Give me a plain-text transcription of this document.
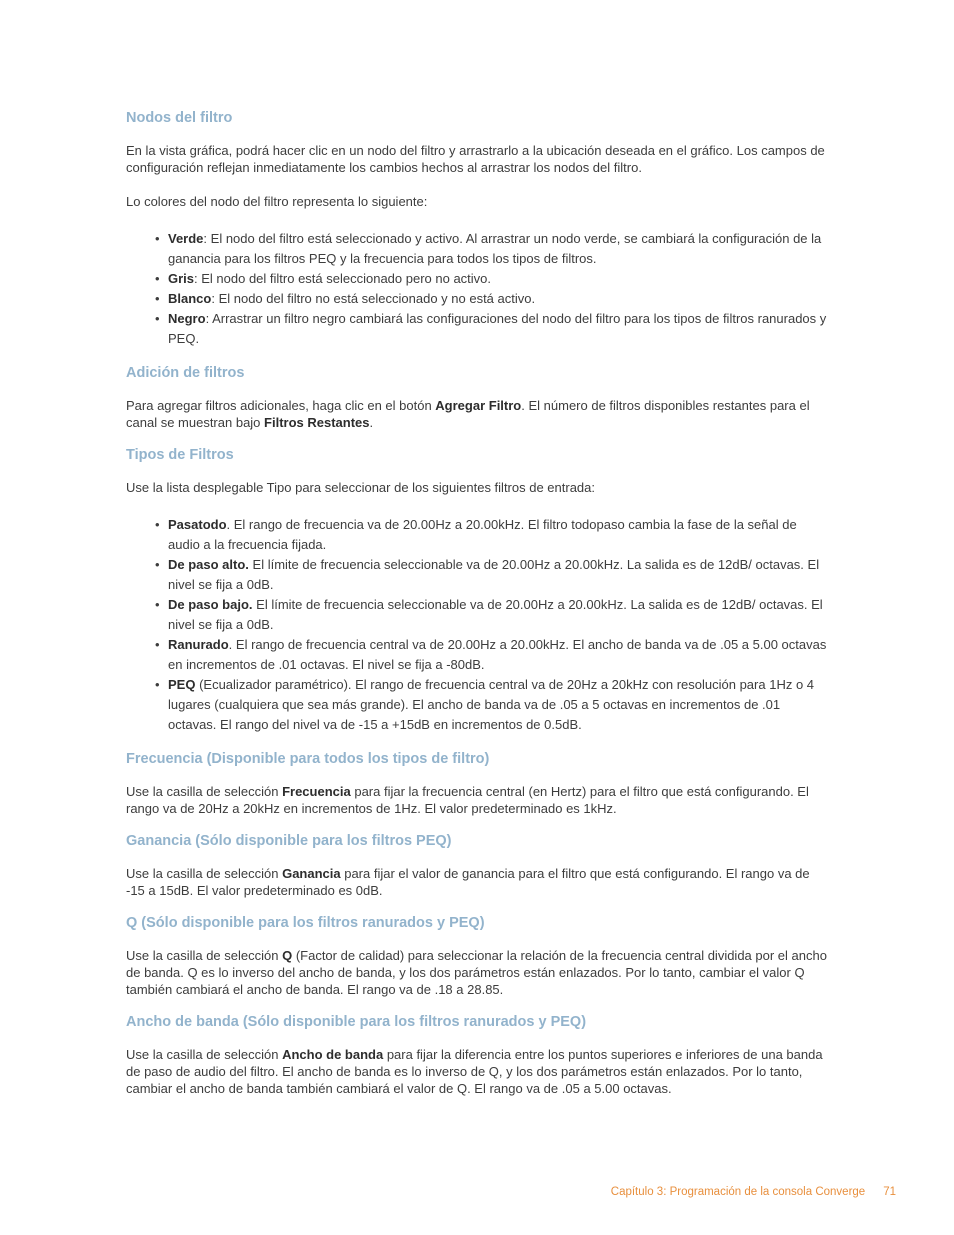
Nodos del filtro

En la vista gráfica, podrá hacer clic en un nodo del filtro y arrastrarlo a la ubicación deseada en el gráfico. Los campos de configuración reflejan inmediatamente los cambios hechos al arrastrar los nodos del filtro.

Lo colores del nodo del filtro representa lo siguiente:

• Verde: El nodo del filtro está seleccionado y activo. Al arrastrar un nodo verde, se cambiará la configuración de la ganancia para los filtros PEQ y la frecuencia para todos los tipos de filtros.
• Gris: El nodo del filtro está seleccionado pero no activo.
• Blanco: El nodo del filtro no está seleccionado y no está activo.
• Negro: Arrastrar un filtro negro cambiará las configuraciones del nodo del filtro para los tipos de filtros ranurados y PEQ.
Adición de filtros

Para agregar filtros adicionales, haga clic en el botón Agregar Filtro. El número de filtros disponibles restantes para el canal se muestran bajo Filtros Restantes.

Tipos de Filtros

Use la lista desplegable Tipo para seleccionar de los siguientes filtros de entrada:

• Pasatodo. El rango de frecuencia va de 20.00Hz a 20.00kHz. El filtro todopaso cambia la fase de la señal de audio a la frecuencia fijada.
• De paso alto. El límite de frecuencia seleccionable va de 20.00Hz a 20.00kHz. La salida es de 12dB/ octavas. El nivel se fija a 0dB.
• De paso bajo. El límite de frecuencia seleccionable va de 20.00Hz a 20.00kHz. La salida es de 12dB/ octavas. El nivel se fija a 0dB.
• Ranurado. El rango de frecuencia central va de 20.00Hz a 20.00kHz. El ancho de banda va de .05 a 5.00 octavas en incrementos de .01 octavas. El nivel se fija a -80dB.
• PEQ (Ecualizador paramétrico). El rango de frecuencia central va de 20Hz a 20kHz con resolución para 1Hz o 4 lugares (cualquiera que sea más grande). El ancho de banda va de .05 a 5 octavas en incrementos de .01 octavas. El rango del nivel va de -15 a +15dB en incrementos de 0.5dB.
Frecuencia (Disponible para todos los tipos de filtro)

Use la casilla de selección Frecuencia para fijar la frecuencia central (en Hertz) para el filtro que está configurando. El rango va de 20Hz a 20kHz en incrementos de 1Hz. El valor predeterminado es 1kHz.

Ganancia (Sólo disponible para los filtros PEQ)

Use la casilla de selección Ganancia para fijar el valor de ganancia para el filtro que está configurando. El rango va de -15 a 15dB. El valor predeterminado es 0dB.

Q (Sólo disponible para los filtros ranurados y PEQ)

Use la casilla de selección Q (Factor de calidad) para seleccionar la relación de la frecuencia central dividida por el ancho de banda. Q es lo inverso del ancho de banda, y los dos parámetros están enlazados. Por lo tanto, cambiar el valor Q también cambiará el ancho de banda. El rango va de .18 a 28.85.

Ancho de banda (Sólo disponible para los filtros ranurados y PEQ)

Use la casilla de selección Ancho de banda para fijar la diferencia entre los puntos superiores e inferiores de una banda de paso de audio del filtro. El ancho de banda es lo inverso de Q, y los dos parámetros están enlazados. Por lo tanto, cambiar el ancho de banda también cambiará el valor de Q. El rango va de .05 a 5.00 octavas.

Capítulo 3: Programación de la consola Converge 71
